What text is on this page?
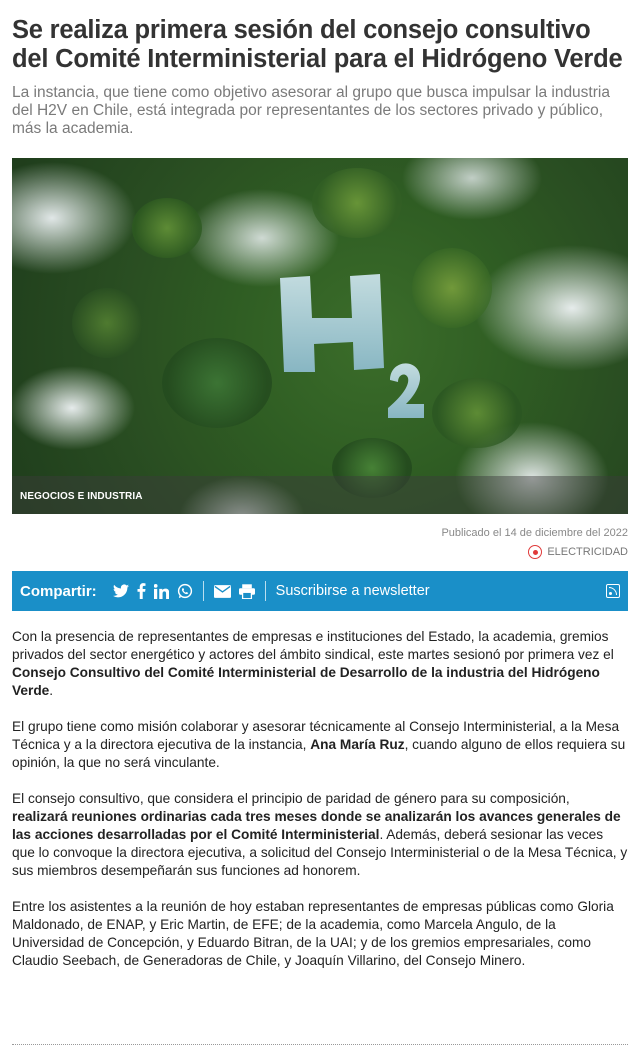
Se realiza primera sesión del consejo consultivo del Comité Interministerial para el Hidrógeno Verde

La instancia, que tiene como objetivo asesorar al grupo que busca impulsar la industria del H2V en Chile, está integrada por representantes de los sectores privado y público, más la academia.

NEGOCIOS E INDUSTRIA
Publicado el 14 de diciembre del 2022
ELECTRICIDAD
Compartir:	Suscribirse a newsletter

Con la presencia de representantes de empresas e instituciones del Estado, la academia, gremios privados del sector energético y actores del ámbito sindical, este martes sesionó por primera vez el Consejo Consultivo del Comité Interministerial de Desarrollo de la industria del Hidrógeno Verde.

El grupo tiene como misión colaborar y asesorar técnicamente al Consejo Interministerial, a la Mesa Técnica y a la directora ejecutiva de la instancia, Ana María Ruz, cuando alguno de ellos requiera su opinión, la que no será vinculante.

El consejo consultivo, que considera el principio de paridad de género para su composición, realizará reuniones ordinarias cada tres meses donde se analizarán los avances generales de las acciones desarrolladas por el Comité Interministerial. Además, deberá sesionar las veces que lo convoque la directora ejecutiva, a solicitud del Consejo Interministerial o de la Mesa Técnica, y sus miembros desempeñarán sus funciones ad honorem.

Entre los asistentes a la reunión de hoy estaban representantes de empresas públicas como Gloria Maldonado, de ENAP, y Eric Martin, de EFE; de la academia, como Marcela Angulo, de la Universidad de Concepción, y Eduardo Bitran, de la UAI; y de los gremios empresariales, como Claudio Seebach, de Generadoras de Chile, y Joaquín Villarino, del Consejo Minero.
